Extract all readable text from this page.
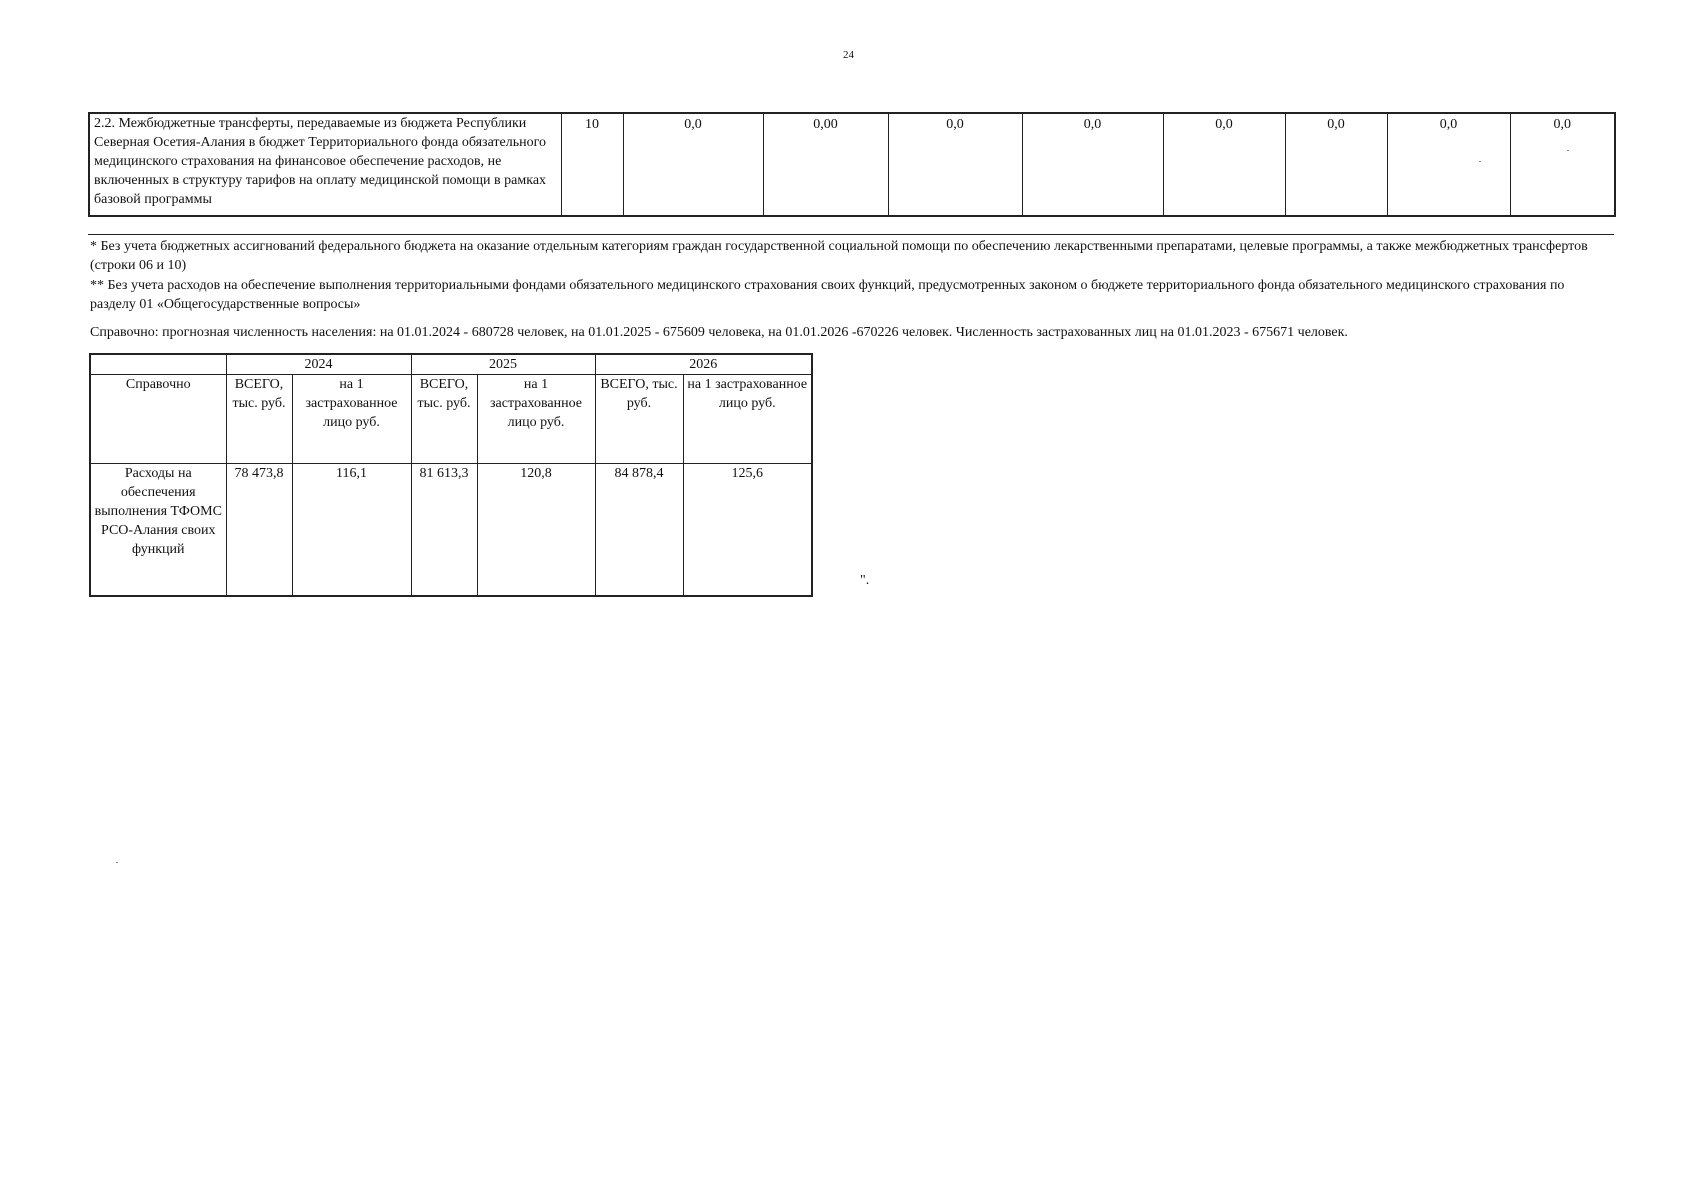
24
2.2. Межбюджетные трансферты, передаваемые из бюджета Республики Северная Осетия-Алания в бюджет Территориального фонда обязательного медицинского страхования на финансовое обеспечение расходов, не включенных в структуру тарифов на оплату медицинской помощи в рамках базовой программы	10	0,0	0,00	0,0	0,0	0,0	0,0	0,0	0,0
* Без учета бюджетных ассигнований федерального бюджета на оказание отдельным категориям граждан государственной социальной помощи по обеспечению лекарственными препаратами, целевые программы, а также межбюджетных трансфертов (строки 06 и 10)
** Без учета расходов на обеспечение выполнения территориальными фондами обязательного медицинского страхования своих функций, предусмотренных законом о бюджете территориального фонда обязательного медицинского страхования по разделу 01 «Общегосударственные вопросы»
Справочно: прогнозная численность населения: на 01.01.2024 - 680728 человек, на 01.01.2025 - 675609 человека, на 01.01.2026 -670226 человек. Численность застрахованных лиц на 01.01.2023 - 675671 человек.
	2024		2025		2026	
Справочно	ВСЕГО, тыс. руб.	на 1 застрахованное лицо руб.	ВСЕГО, тыс. руб.	на 1 застрахованное лицо руб.	ВСЕГО, тыс. руб.	на 1 застрахованное лицо руб.
Расходы на обеспечения выполнения ТФОМС РСО-Алания своих функций	78 473,8	116,1	81 613,3	120,8	84 878,4	125,6
".
